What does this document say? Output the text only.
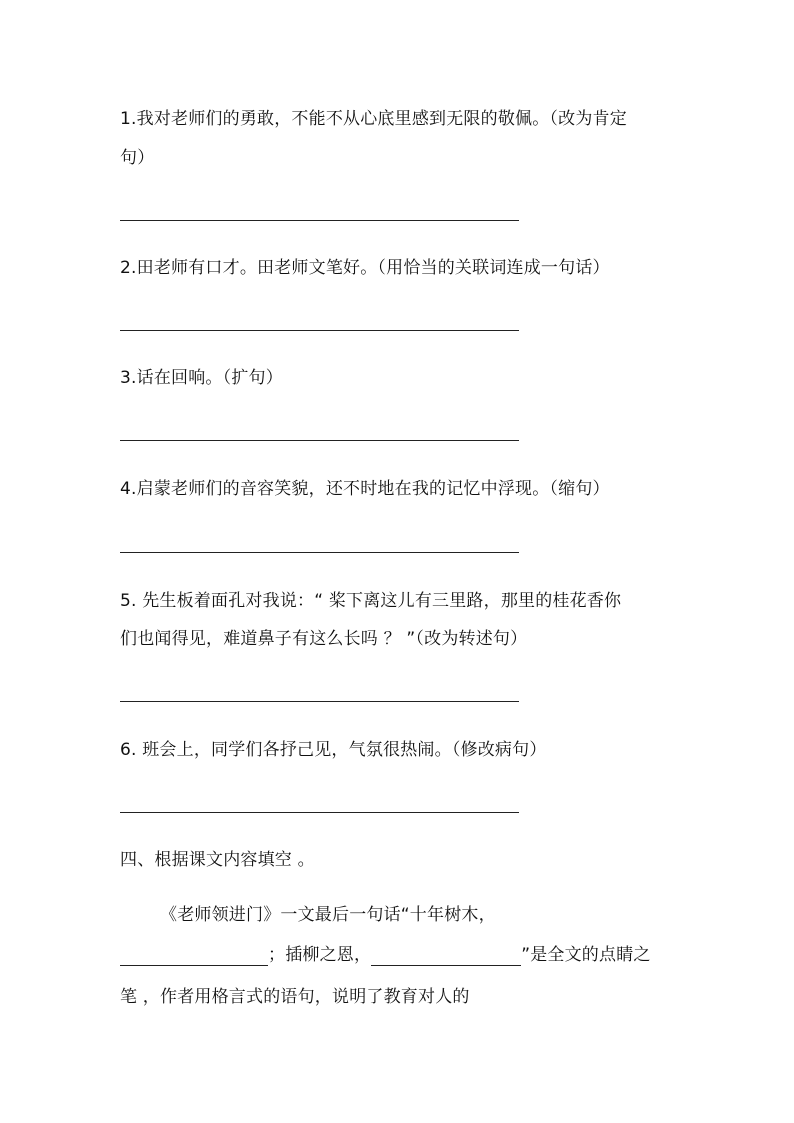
1.我对老师们的勇敢，不能不从心底里感到无限的敬佩。（改为肯定
句）
2.田老师有口才。田老师文笔好。（用恰当的关联词连成一句话）
3.话在回响。（扩句）
4.启蒙老师们的音容笑貌，还不时地在我的记忆中浮现。（缩句）
5. 先生板着面孔对我说：“ 桨下离这儿有三里路，那里的桂花香你
们也闻得见，难道鼻子有这么长吗 ？ ”（改为转述句）
6. 班会上，同学们各抒己见，气氛很热闹。（修改病句）
四、根据课文内容填空 。
《老师领进门》一文最后一句话“十年树木，
；插柳之恩，	”是全文的点睛之
笔 ，作者用格言式的语句，说明了教育对人的
